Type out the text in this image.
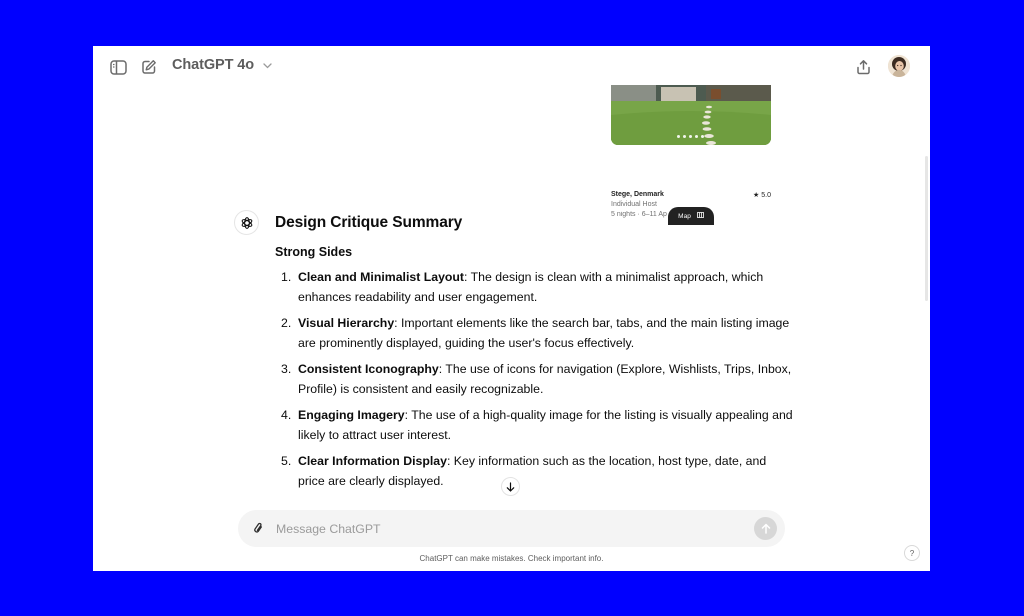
ChatGPT 4o
Stege, Denmark	★ 5.0
Individual Host
5 nights · 6–11 Ap	Map
Design Critique Summary
Strong Sides
1. Clean and Minimalist Layout: The design is clean with a minimalist approach, which enhances readability and user engagement.
2. Visual Hierarchy: Important elements like the search bar, tabs, and the main listing image are prominently displayed, guiding the user's focus effectively.
3. Consistent Iconography: The use of icons for navigation (Explore, Wishlists, Trips, Inbox, Profile) is consistent and easily recognizable.
4. Engaging Imagery: The use of a high-quality image for the listing is visually appealing and likely to attract user interest.
5. Clear Information Display: Key information such as the location, host type, date, and price are clearly displayed.
Message ChatGPT
ChatGPT can make mistakes. Check important info.
?
